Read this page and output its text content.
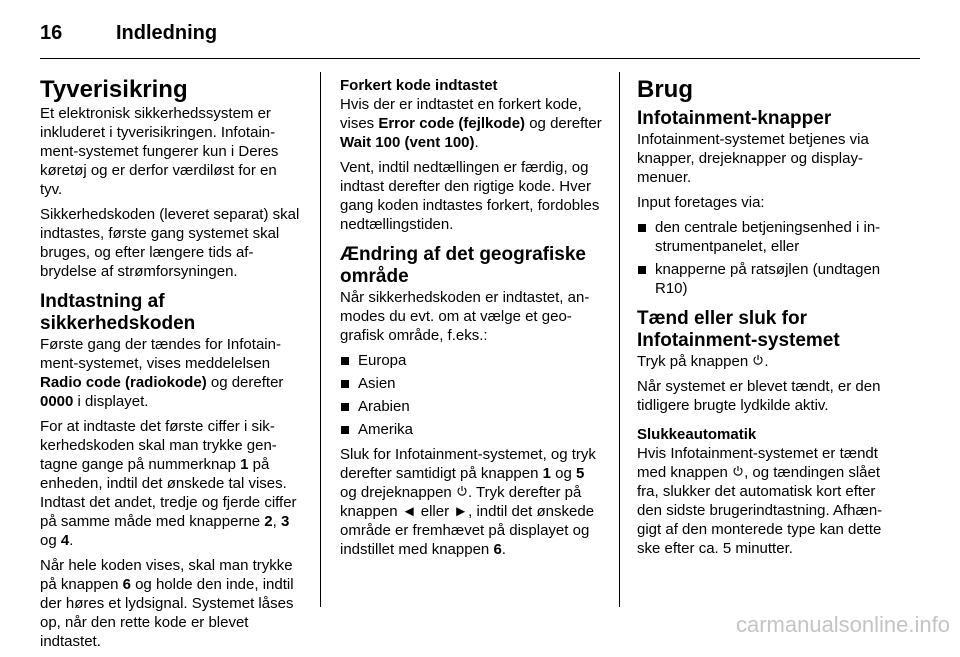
16	Indledning
Tyverisikring

Et elektronisk sikkerhedssystem er inkluderet i tyverisikringen. Infotainment-systemet fungerer kun i Deres køretøj og er derfor værdiløst for en tyv.

Sikkerhedskoden (leveret separat) skal indtastes, første gang systemet skal bruges, og efter længere tids afbrydelse af strømforsyningen.

Indtastning af sikkerhedskoden

Første gang der tændes for Infotainment-systemet, vises meddelelsen Radio code (radiokode) og derefter 0000 i displayet.

For at indtaste det første ciffer i sikkerhedskoden skal man trykke gentagne gange på nummerknap 1 på enheden, indtil det ønskede tal vises. Indtast det andet, tredje og fjerde ciffer på samme måde med knapperne 2, 3 og 4.

Når hele koden vises, skal man trykke på knappen 6 og holde den inde, indtil der høres et lydsignal. Systemet låses op, når den rette kode er blevet indtastet.

Forkert kode indtastet

Hvis der er indtastet en forkert kode, vises Error code (fejlkode) og derefter Wait 100 (vent 100).

Vent, indtil nedtællingen er færdig, og indtast derefter den rigtige kode. Hver gang koden indtastes forkert, fordobles nedtællingstiden.

Ændring af det geografiske område

Når sikkerhedskoden er indtastet, anmodes du evt. om at vælge et geografisk område, f.eks.:

Europa
Asien
Arabien
Amerika

Sluk for Infotainment-systemet, og tryk derefter samtidigt på knappen 1 og 5 og drejeknappen . Tryk derefter på knappen ◄ eller ►, indtil det ønskede område er fremhævet på displayet og indstillet med knappen 6.

Brug
Infotainment-knapper

Infotainment-systemet betjenes via knapper, drejeknapper og displaymenuer.

Input foretages via:

den centrale betjeningsenhed i instrumentpanelet, eller
knapperne på ratsøjlen (undtagen R10)
Tænd eller sluk for Infotainment-systemet

Tryk på knappen .

Når systemet er blevet tændt, er den tidligere brugte lydkilde aktiv.

Slukkeautomatik

Hvis Infotainment-systemet er tændt med knappen , og tændingen slået fra, slukker det automatisk kort efter den sidste brugerindtastning. Afhængigt af den monterede type kan dette ske efter ca. 5 minutter.

carmanualsonline.info
